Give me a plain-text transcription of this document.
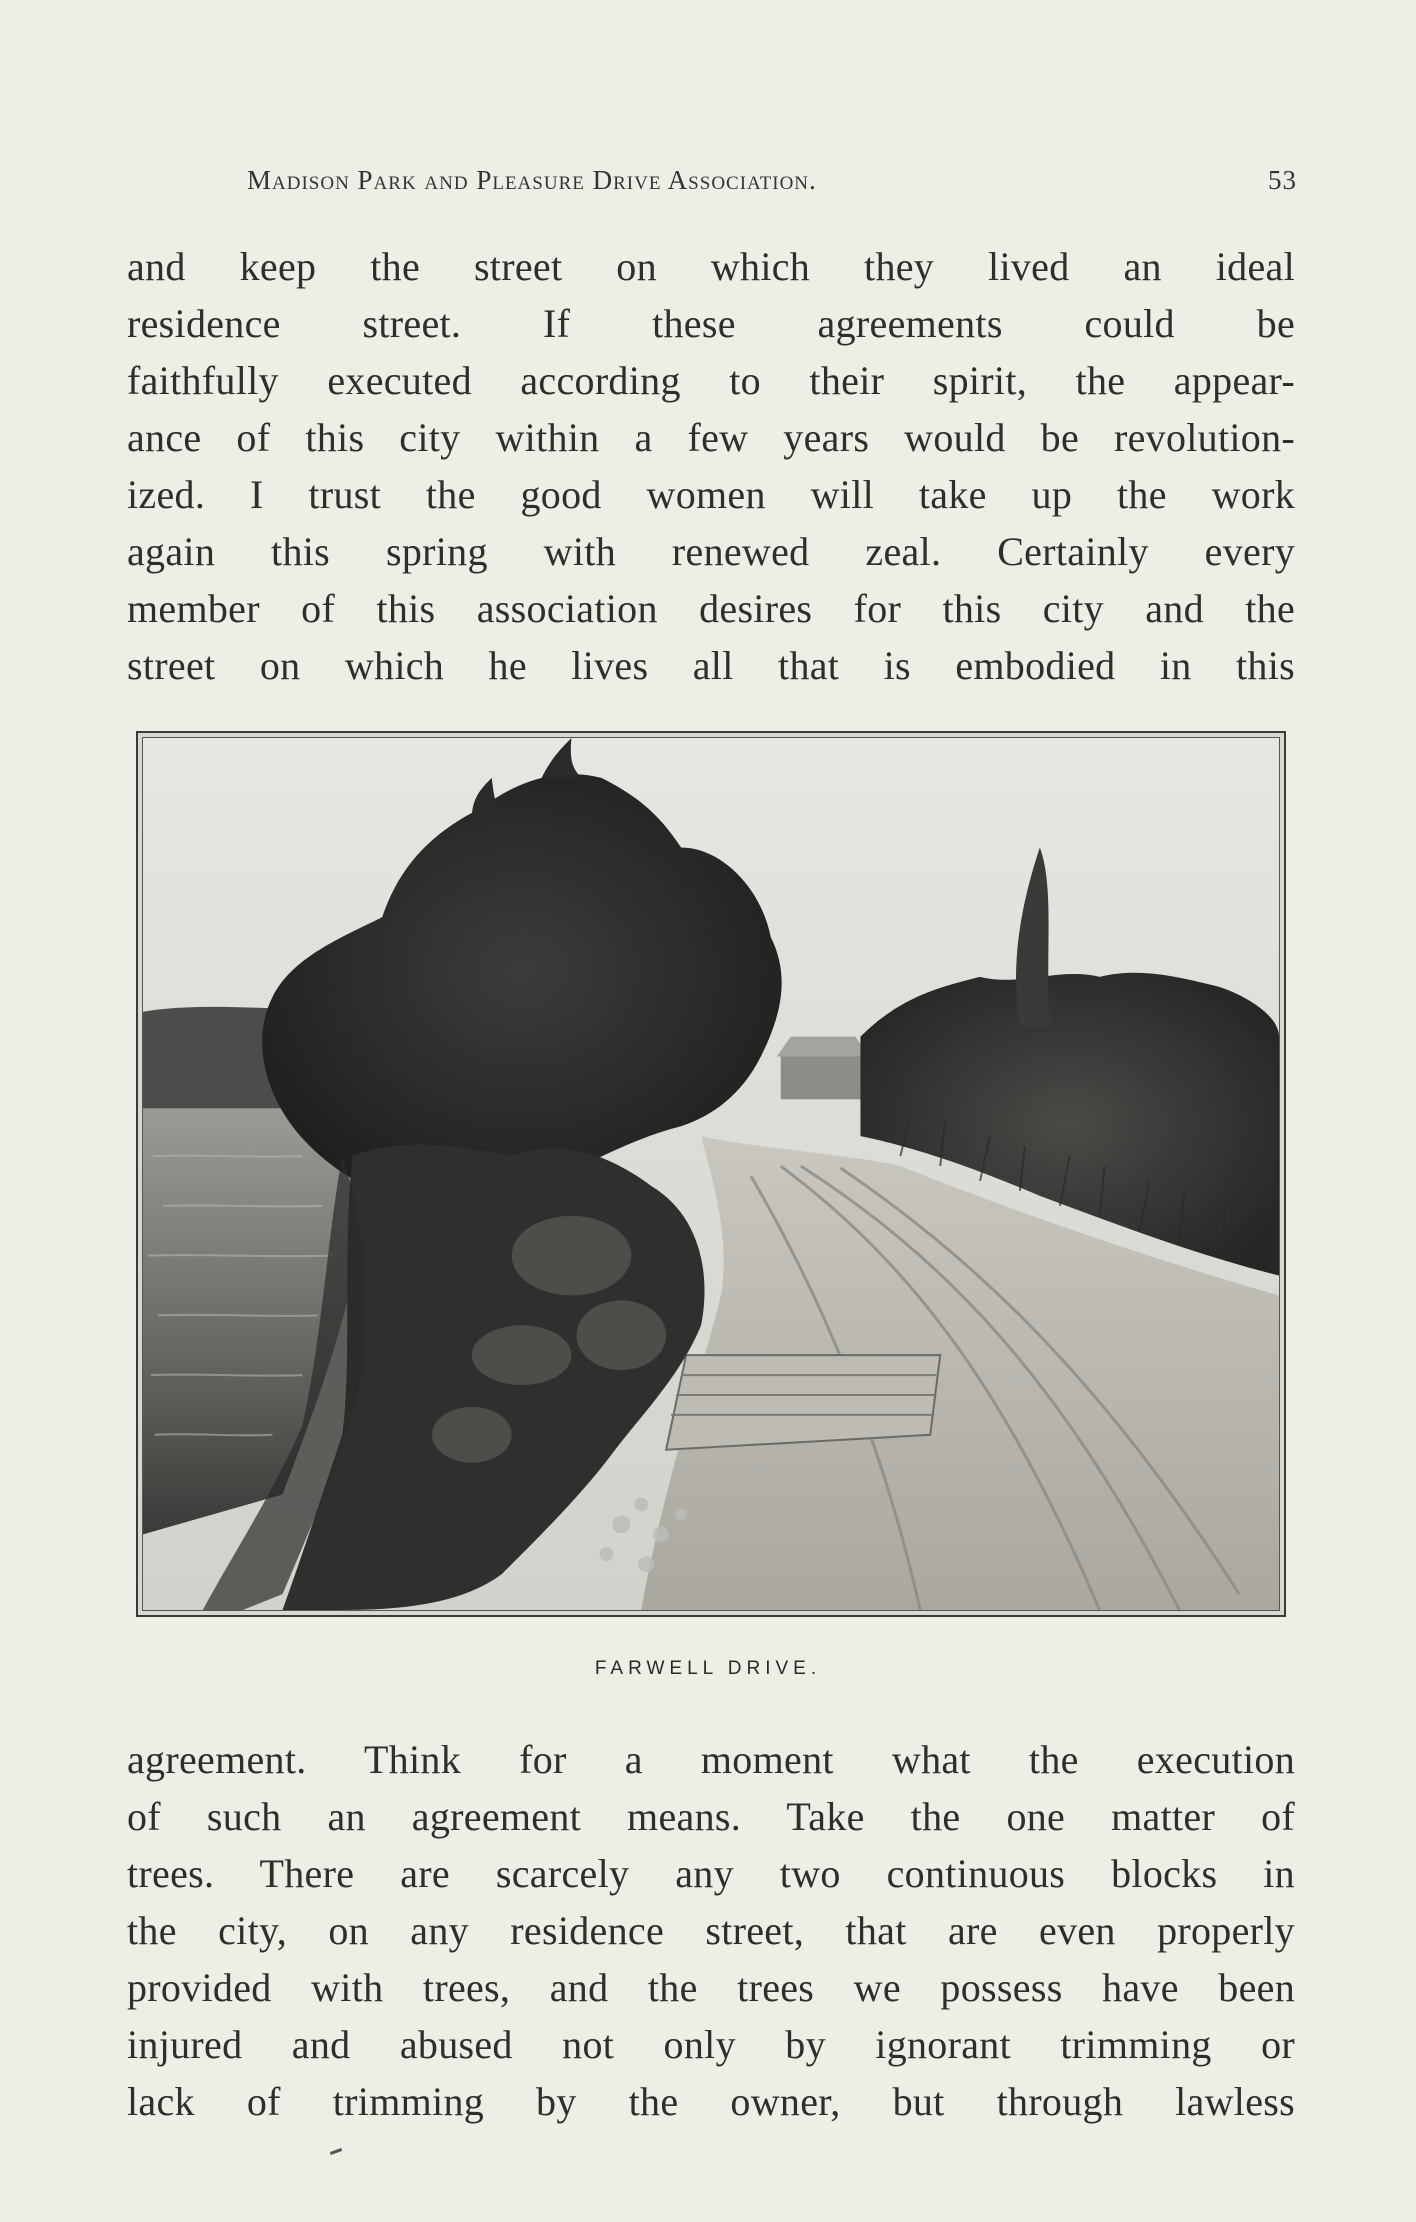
Madison Park and Pleasure Drive Association.	53
and keep the street on which they lived an ideal
residence street. If these agreements could be
faithfully executed according to their spirit, the appear-
ance of this city within a few years would be revolution-
ized. I trust the good women will take up the work
again this spring with renewed zeal. Certainly every
member of this association desires for this city and the
street on which he lives all that is embodied in this
FARWELL DRIVE.
agreement. Think for a moment what the execution
of such an agreement means. Take the one matter of
trees. There are scarcely any two continuous blocks in
the city, on any residence street, that are even properly
provided with trees, and the trees we possess have been
injured and abused not only by ignorant trimming or
lack of trimming by the owner, but through lawless
